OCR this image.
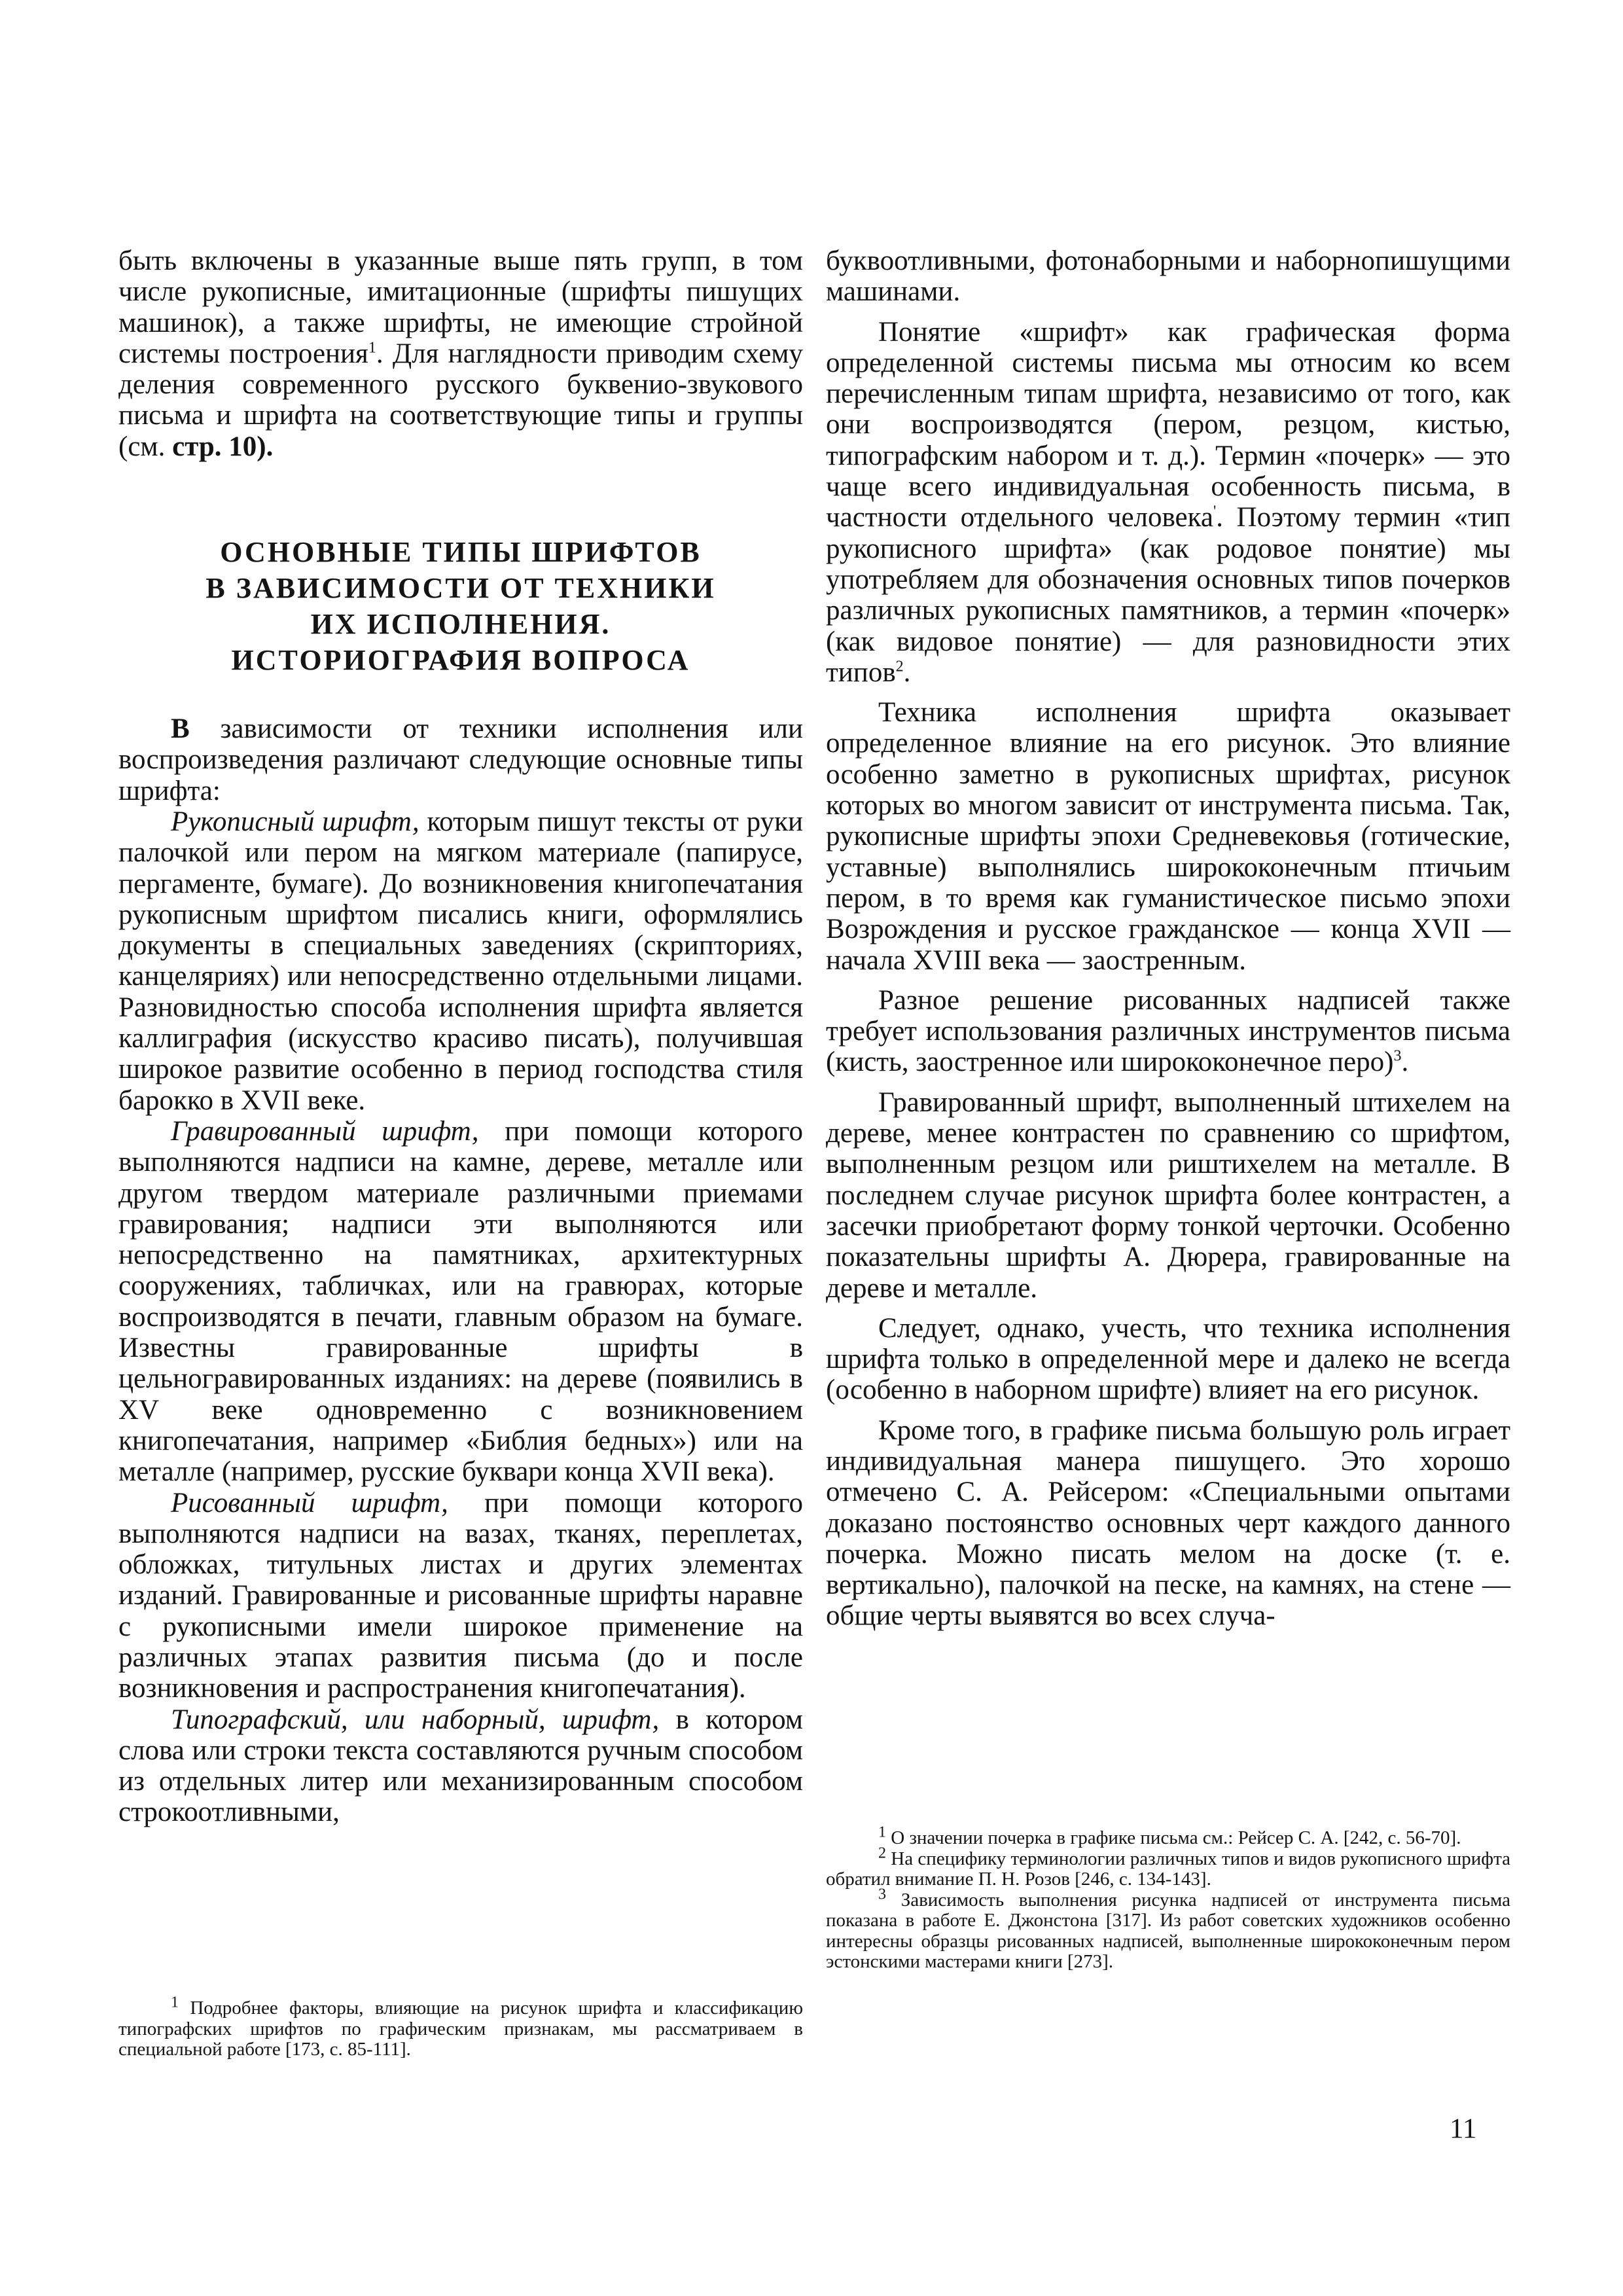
быть включены в указанные выше пять групп, в том числе рукописные, имитационные (шрифты пишущих машинок), а также шрифты, не имеющие стройной системы построения$^1$. Для наглядности приводим схему деления современного русского буквенио-звукового письма и шрифта на соответствующие типы и группы (см. стр. 10).

ОСНОВНЫЕ ТИПЫ ШРИФТОВ
В ЗАВИСИМОСТИ ОТ ТЕХНИКИ
ИХ ИСПОЛНЕНИЯ.
ИСТОРИОГРАФИЯ ВОПРОСА

В зависимости от техники исполнения или воспроизведения различают следующие основные типы шрифта:

Рукописный шрифт, которым пишут тексты от руки палочкой или пером на мягком материале (папирусе, пергаменте, бумаге). До возникновения книгопечатания рукописным шрифтом писались книги, оформлялись документы в специальных заведениях (скрипториях, канцеляриях) или непосредственно отдельными лицами. Разновидностью способа исполнения шрифта является каллиграфия (искусство красиво писать), получившая широкое развитие особенно в период господства стиля барокко в XVII веке.

Гравированный шрифт, при помощи которого выполняются надписи на камне, дереве, металле или другом твердом материале различными приемами гравирования; надписи эти выполняются или непосредственно на памятниках, архитектурных сооружениях, табличках, или на гравюрах, которые воспроизводятся в печати, главным образом на бумаге. Известны гравированные шрифты в цельногравированных изданиях: на дереве (появились в XV веке одновременно с возникновением книгопечатания, например «Библия бедных») или на металле (например, русские буквари конца XVII века).

Рисованный шрифт, при помощи которого выполняются надписи на вазах, тканях, переплетах, обложках, титульных листах и других элементах изданий. Гравированные и рисованные шрифты наравне с рукописными имели широкое применение на различных этапах развития письма (до и после возникновения и распространения книгопечатания).

Типографский, или наборный, шрифт, в котором слова или строки текста составляются ручным способом из отдельных литер или механизированным способом строкоотливными,

$^1$ Подробнее факторы, влияющие на рисунок шрифта и классификацию типографских шрифтов по графическим признакам, мы рассматриваем в специальной работе [173, с. 85-111].

буквоотливными, фотонаборными и наборнопишущими машинами.

Понятие «шрифт» как графическая форма определенной системы письма мы относим ко всем перечисленным типам шрифта, независимо от того, как они воспроизводятся (пером, резцом, кистью, типографским набором и т. д.). Термин «почерк» — это чаще всего индивидуальная особенность письма, в частности отдельного человека'. Поэтому термин «тип рукописного шрифта» (как родовое понятие) мы употребляем для обозначения основных типов почерков различных рукописных памятников, а термин «почерк» (как видовое понятие) — для разновидности этих типов$^2$.

Техника исполнения шрифта оказывает определенное влияние на его рисунок. Это влияние особенно заметно в рукописных шрифтах, рисунок которых во многом зависит от инструмента письма. Так, рукописные шрифты эпохи Средневековья (готические, уставные) выполнялись ширококонечным птичьим пером, в то время как гуманистическое письмо эпохи Возрождения и русское гражданское — конца XVII — начала XVIII века — заостренным.

Разное решение рисованных надписей также требует использования различных инструментов письма (кисть, заостренное или ширококонечное перо)$^3$.

Гравированный шрифт, выполненный штихелем на дереве, менее контрастен по сравнению со шрифтом, выполненным резцом или риштихелем на металле. В последнем случае рисунок шрифта более контрастен, а засечки приобретают форму тонкой черточки. Особенно показательны шрифты А. Дюрера, гравированные на дереве и металле.

Следует, однако, учесть, что техника исполнения шрифта только в определенной мере и далеко не всегда (особенно в наборном шрифте) влияет на его рисунок.

Кроме того, в графике письма большую роль играет индивидуальная манера пишущего. Это хорошо отмечено С. А. Рейсером: «Специальными опытами доказано постоянство основных черт каждого данного почерка. Можно писать мелом на доске (т. е. вертикально), палочкой на песке, на камнях, на стене — общие черты выявятся во всех случа-

$^1$ О значении почерка в графике письма см.: Рейсер С. А. [242, с. 56-70].

$^2$ На специфику терминологии различных типов и видов рукописного шрифта обратил внимание П. Н. Розов [246, с. 134-143].

$^3$ Зависимость выполнения рисунка надписей от инструмента письма показана в работе Е. Джонстона [317]. Из работ советских художников особенно интересны образцы рисованных надписей, выполненные ширококонечным пером эстонскими мастерами книги [273].

11
